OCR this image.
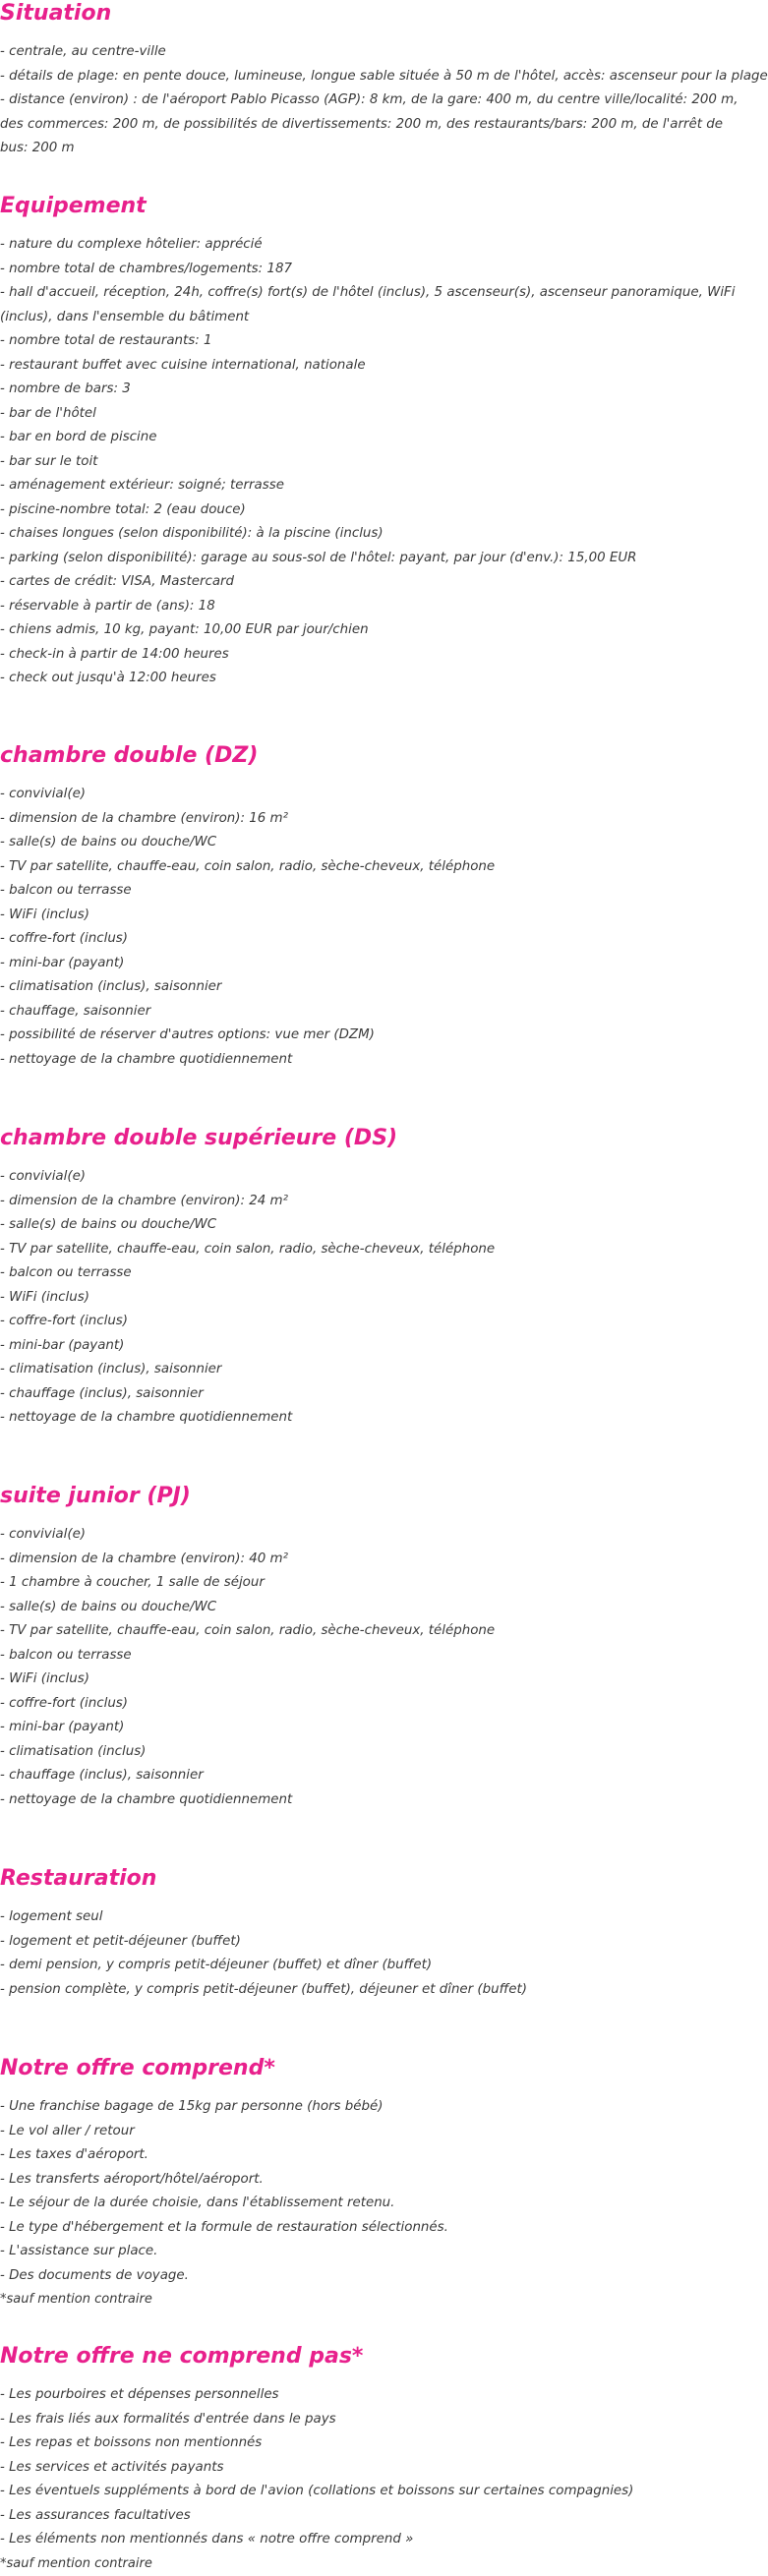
Situation
- centrale, au centre-ville
- détails de plage: en pente douce, lumineuse, longue sable située à 50 m de l'hôtel, accès: ascenseur pour la plage
- distance (environ) : de l'aéroport Pablo Picasso (AGP): 8 km, de la gare: 400 m, du centre ville/localité: 200 m, des commerces: 200 m, de possibilités de divertissements: 200 m, des restaurants/bars: 200 m, de l'arrêt de bus: 200 m
Equipement
- nature du complexe hôtelier: apprécié
- nombre total de chambres/logements: 187
- hall d'accueil, réception, 24h, coffre(s) fort(s) de l'hôtel (inclus), 5 ascenseur(s), ascenseur panoramique, WiFi (inclus), dans l'ensemble du bâtiment
- nombre total de restaurants: 1
- restaurant buffet avec cuisine international, nationale
- nombre de bars: 3
- bar de l'hôtel
- bar en bord de piscine
- bar sur le toit
- aménagement extérieur: soigné; terrasse
- piscine-nombre total: 2 (eau douce)
- chaises longues (selon disponibilité): à la piscine (inclus)
- parking (selon disponibilité): garage au sous-sol de l'hôtel: payant, par jour (d'env.): 15,00 EUR
- cartes de crédit: VISA, Mastercard
- réservable à partir de (ans): 18
- chiens admis, 10 kg, payant: 10,00 EUR par jour/chien
- check-in à partir de 14:00 heures
- check out jusqu'à 12:00 heures
chambre double (DZ)
- convivial(e)
- dimension de la chambre (environ): 16 m²
- salle(s) de bains ou douche/WC
- TV par satellite, chauffe-eau, coin salon, radio, sèche-cheveux, téléphone
- balcon ou terrasse
- WiFi (inclus)
- coffre-fort (inclus)
- mini-bar (payant)
- climatisation (inclus), saisonnier
- chauffage, saisonnier
- possibilité de réserver d'autres options: vue mer (DZM)
- nettoyage de la chambre quotidiennement
chambre double supérieure (DS)
- convivial(e)
- dimension de la chambre (environ): 24 m²
- salle(s) de bains ou douche/WC
- TV par satellite, chauffe-eau, coin salon, radio, sèche-cheveux, téléphone
- balcon ou terrasse
- WiFi (inclus)
- coffre-fort (inclus)
- mini-bar (payant)
- climatisation (inclus), saisonnier
- chauffage (inclus), saisonnier
- nettoyage de la chambre quotidiennement
suite junior (PJ)
- convivial(e)
- dimension de la chambre (environ): 40 m²
- 1 chambre à coucher, 1 salle de séjour
- salle(s) de bains ou douche/WC
- TV par satellite, chauffe-eau, coin salon, radio, sèche-cheveux, téléphone
- balcon ou terrasse
- WiFi (inclus)
- coffre-fort (inclus)
- mini-bar (payant)
- climatisation (inclus)
- chauffage (inclus), saisonnier
- nettoyage de la chambre quotidiennement
Restauration
- logement seul
- logement et petit-déjeuner (buffet)
- demi pension, y compris petit-déjeuner (buffet) et dîner (buffet)
- pension complète, y compris petit-déjeuner (buffet), déjeuner et dîner (buffet)
Notre offre comprend*
- Une franchise bagage de 15kg par personne (hors bébé)
- Le vol aller / retour
- Les taxes d'aéroport.
- Les transferts aéroport/hôtel/aéroport.
- Le séjour de la durée choisie, dans l'établissement retenu.
- Le type d'hébergement et la formule de restauration sélectionnés.
- L'assistance sur place.
- Des documents de voyage.
*sauf mention contraire
Notre offre ne comprend pas*
- Les pourboires et dépenses personnelles
- Les frais liés aux formalités d'entrée dans le pays
- Les repas et boissons non mentionnés
- Les services et activités payants
- Les éventuels suppléments à bord de l'avion (collations et boissons sur certaines compagnies)
- Les assurances facultatives
- Les éléments non mentionnés dans « notre offre comprend »
*sauf mention contraire
